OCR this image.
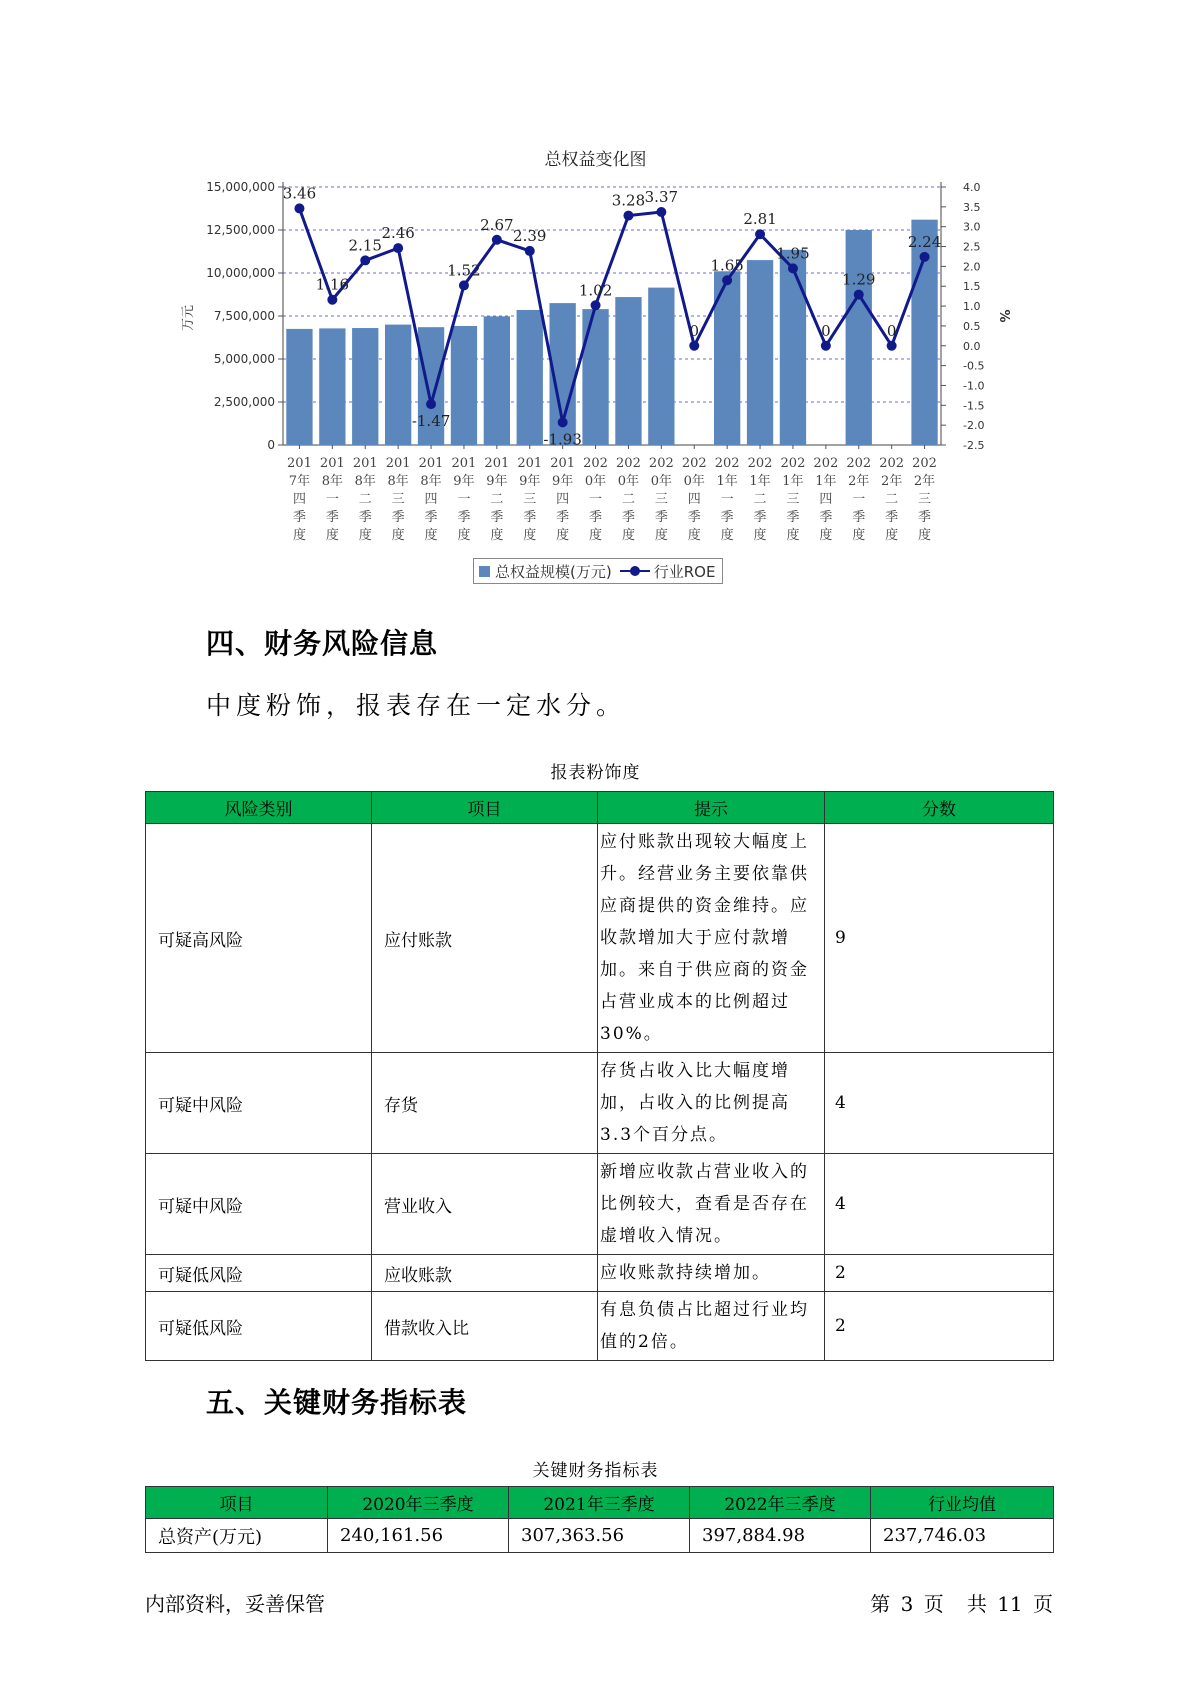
总权益变化图
15,000,000
12,500,000
10,000,000
7,500,000
5,000,000
2,500,000
0
4.0
3.5
3.0
2.5
2.0
1.5
1.0
0.5
0.0
-0.5
-1.0
-1.5
-2.0
-2.5
万元	%
3.46
1.16
2.15
2.46
-1.47
1.52
2.67
2.39
-1.93
1.02
3.28 3.37
0
1.65
2.81
1.95
0
1.29
0
2.24
201
7年
四
季
度
201
8年
一
季
度
201
8年
二
季
度
201
8年
三
季
度
201
8年
四
季
度
201
9年
一
季
度
201
9年
二
季
度
201
9年
三
季
度
201
9年
四
季
度
202
0年
一
季
度
202
0年
二
季
度
202
0年
三
季
度
202
0年
四
季
度
202
1年
一
季
度
202
1年
二
季
度
202
1年
三
季
度
202
1年
四
季
度
202
2年
一
季
度
202
2年
二
季
度
202
2年
三
季
度
总权益规模(万元)	行业ROE
四、财务风险信息
中度粉饰，报表存在一定水分。
报表粉饰度
风险类别	项目	提示	分数
可疑高风险	应付账款	应付账款出现较大幅度上升。经营业务主要依靠供应商提供的资金维持。应收款增加大于应付款增加。来自于供应商的资金占营业成本的比例超过30%。	9
可疑中风险	存货	存货占收入比大幅度增加，占收入的比例提高3.3个百分点。	4
可疑中风险	营业收入	新增应收款占营业收入的比例较大，查看是否存在虚增收入情况。	4
可疑低风险	应收账款	应收账款持续增加。	2
可疑低风险	借款收入比	有息负债占比超过行业均值的2倍。	2
五、关键财务指标表
关键财务指标表
项目	2020年三季度	2021年三季度	2022年三季度	行业均值
总资产(万元)	240,161.56	307,363.56	397,884.98	237,746.03
内部资料，妥善保管	第 3 页 共 11 页
